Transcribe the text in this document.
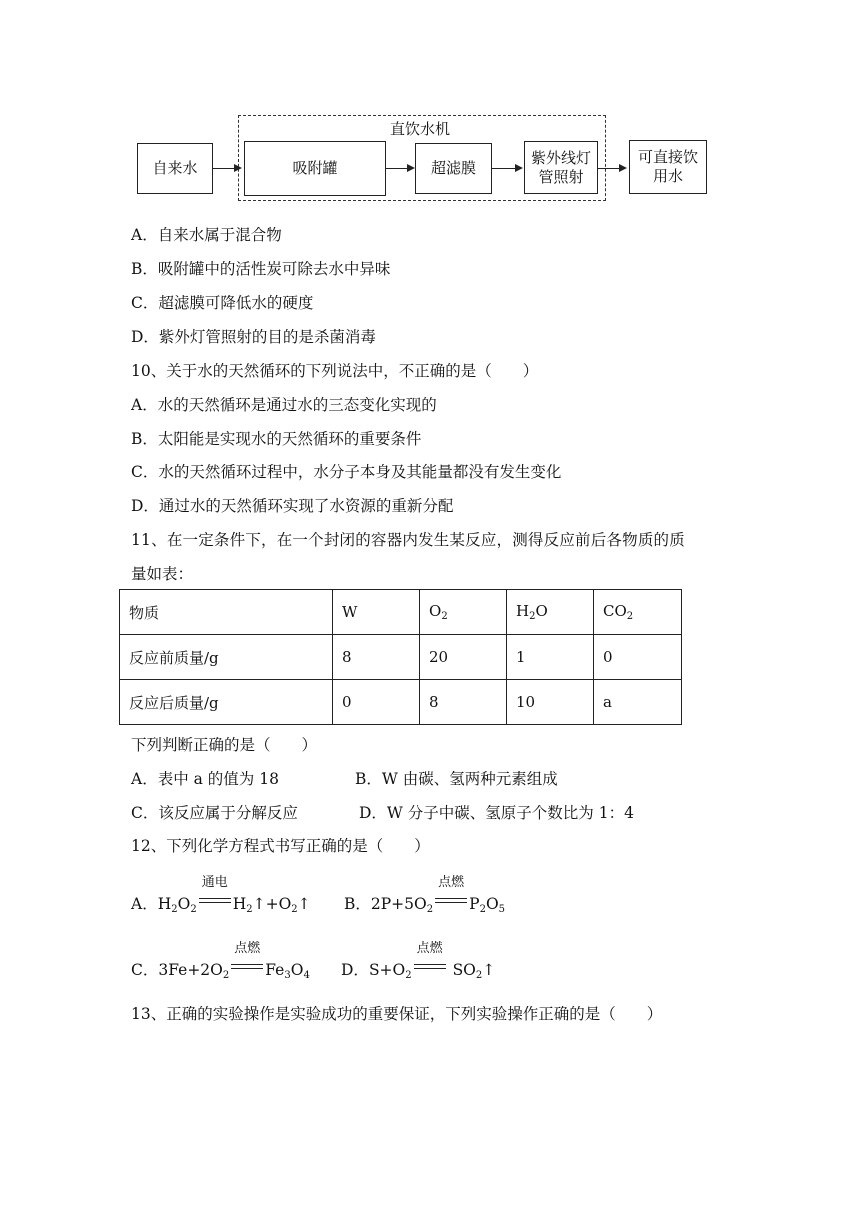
直饮水机
自来水	吸附罐	超滤膜
紫外线灯
管照射
可直接饮
用水
A．自来水属于混合物
B．吸附罐中的活性炭可除去水中异味
C．超滤膜可降低水的硬度
D．紫外灯管照射的目的是杀菌消毒
10、关于水的天然循环的下列说法中，不正确的是（　　）
A．水的天然循环是通过水的三态变化实现的
B．太阳能是实现水的天然循环的重要条件
C．水的天然循环过程中，水分子本身及其能量都没有发生变化
D．通过水的天然循环实现了水资源的重新分配
11、在一定条件下，在一个封闭的容器内发生某反应，测得反应前后各物质的质
量如表：
物质	W	$O_2$	$H_2O$	$CO_2$
反应前质量/g	8	20	1	0
反应后质量/g	0	8	10	a
下列判断正确的是（　　）
A．表中 a 的值为 18	B．W 由碳、氢两种元素组成
C．该反应属于分解反应	D．W 分子中碳、氢原子个数比为 1：4
12、下列化学方程式书写正确的是（　　）
A．$H_2O_2$
通电
$H_2↑+O_2↑$ B．$2P+5O_2$
点燃
$P_2O_5$
C．$3Fe+2O_2$
点燃
$Fe_3O_4$ D．$S+O_2$
点燃
$SO_2↑$
13、正确的实验操作是实验成功的重要保证，下列实验操作正确的是（　　）
